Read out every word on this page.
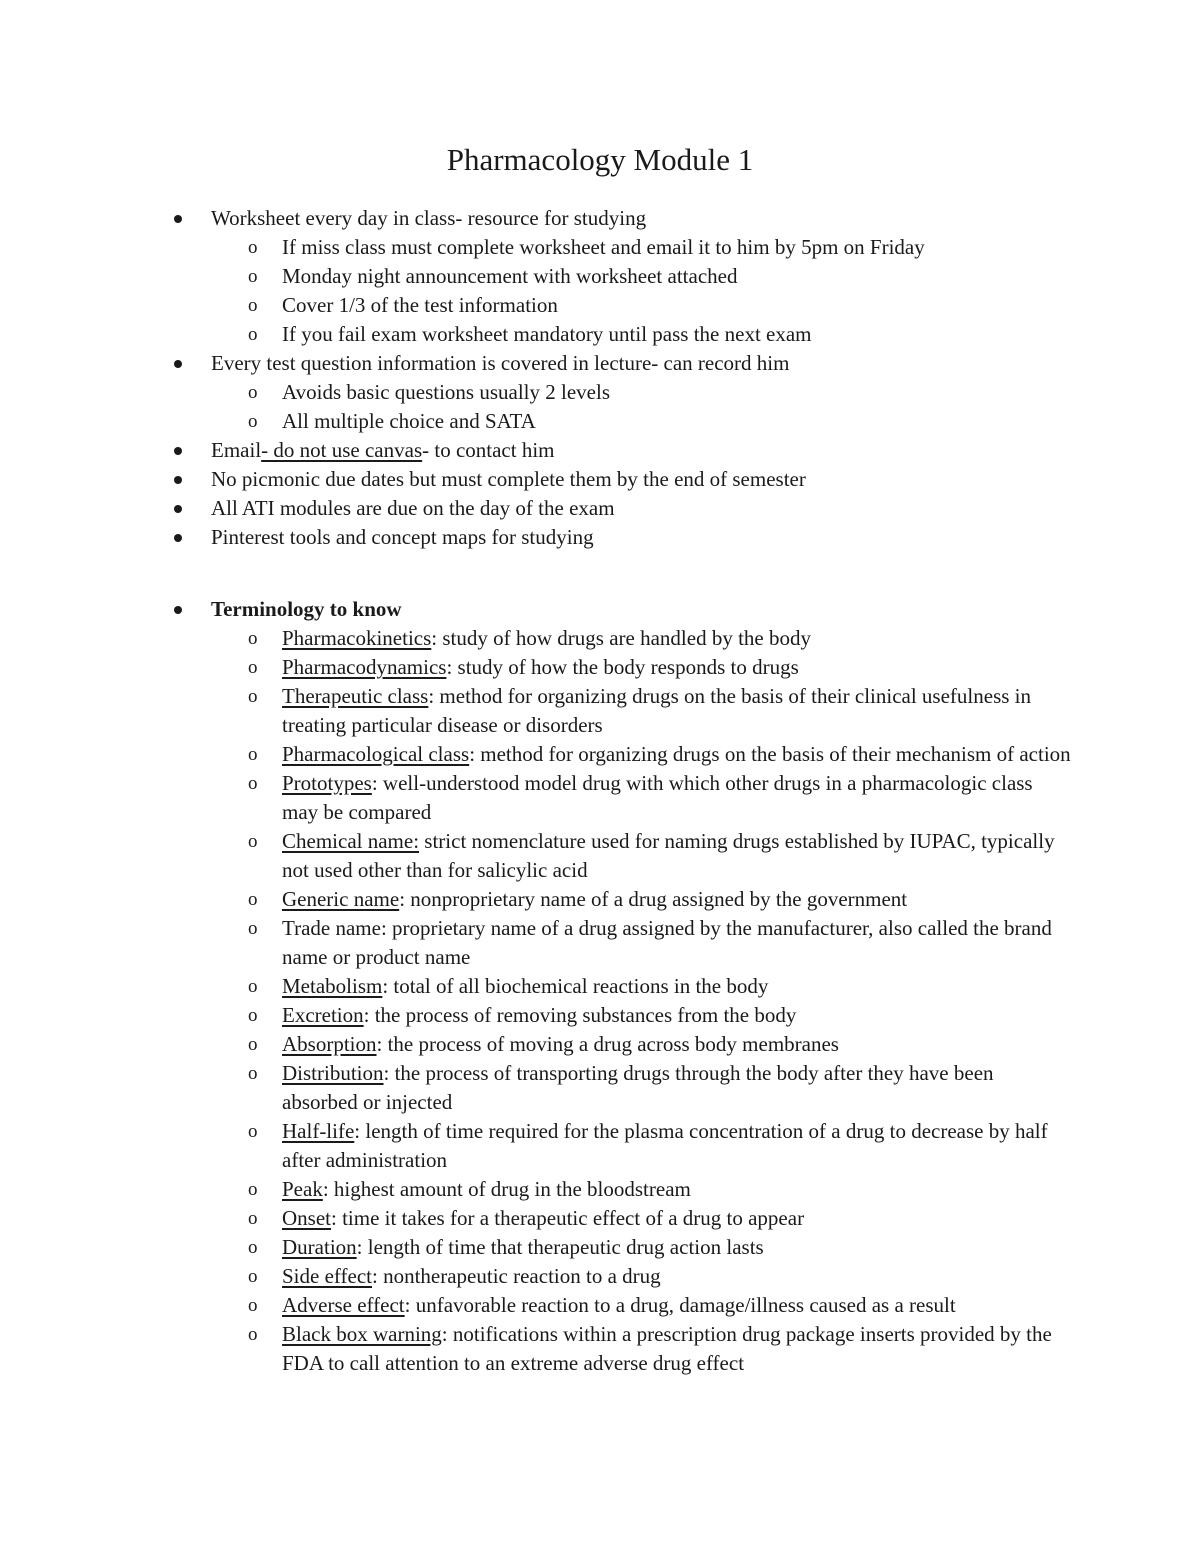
Pharmacology Module 1
Worksheet every day in class- resource for studying
o If miss class must complete worksheet and email it to him by 5pm on Friday
o Monday night announcement with worksheet attached
o Cover 1/3 of the test information
o If you fail exam worksheet mandatory until pass the next exam
Every test question information is covered in lecture- can record him
o Avoids basic questions usually 2 levels
o All multiple choice and SATA
Email- do not use canvas- to contact him
No picmonic due dates but must complete them by the end of semester
All ATI modules are due on the day of the exam
Pinterest tools and concept maps for studying
Terminology to know
o Pharmacokinetics: study of how drugs are handled by the body
o Pharmacodynamics: study of how the body responds to drugs
o Therapeutic class: method for organizing drugs on the basis of their clinical usefulness in treating particular disease or disorders
o Pharmacological class: method for organizing drugs on the basis of their mechanism of action
o Prototypes: well-understood model drug with which other drugs in a pharmacologic class may be compared
o Chemical name: strict nomenclature used for naming drugs established by IUPAC, typically not used other than for salicylic acid
o Generic name: nonproprietary name of a drug assigned by the government
o Trade name: proprietary name of a drug assigned by the manufacturer, also called the brand name or product name
o Metabolism: total of all biochemical reactions in the body
o Excretion: the process of removing substances from the body
o Absorption: the process of moving a drug across body membranes
o Distribution: the process of transporting drugs through the body after they have been absorbed or injected
o Half-life: length of time required for the plasma concentration of a drug to decrease by half after administration
o Peak: highest amount of drug in the bloodstream
o Onset: time it takes for a therapeutic effect of a drug to appear
o Duration: length of time that therapeutic drug action lasts
o Side effect: nontherapeutic reaction to a drug
o Adverse effect: unfavorable reaction to a drug, damage/illness caused as a result
o Black box warning: notifications within a prescription drug package inserts provided by the FDA to call attention to an extreme adverse drug effect
